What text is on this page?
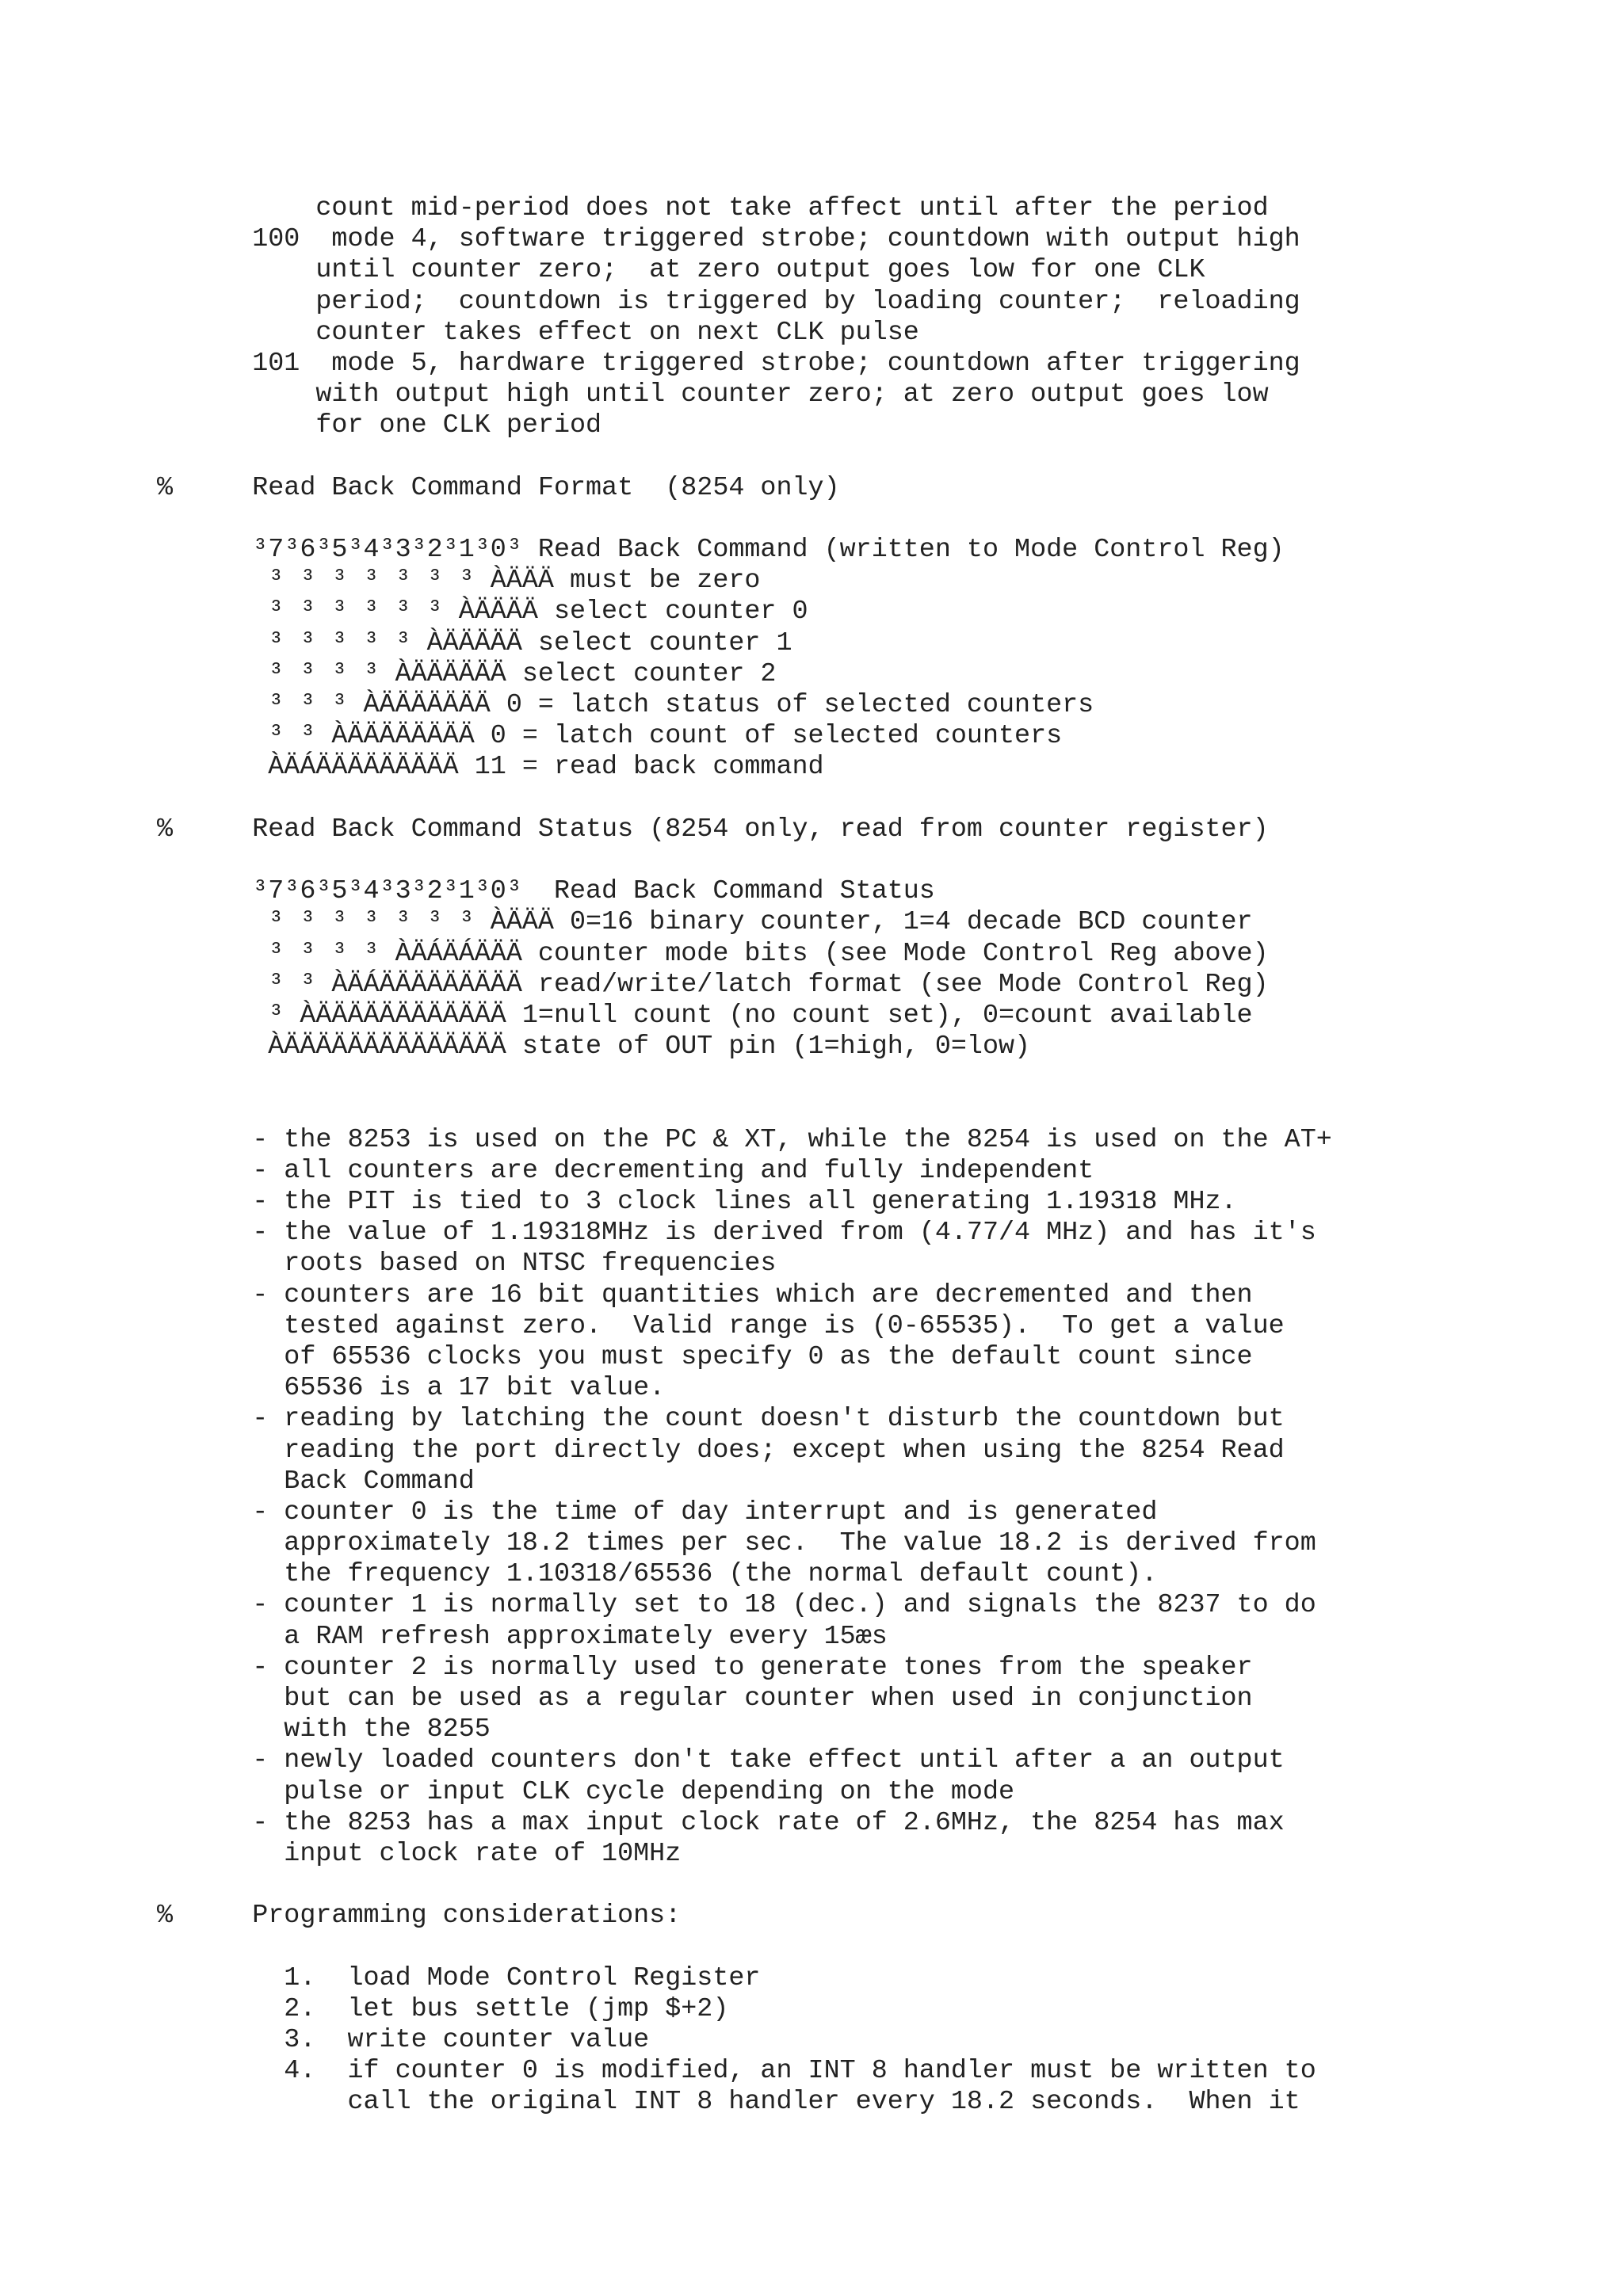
count mid-period does not take affect until after the period
100  mode 4, software triggered strobe; countdown with output high
until counter zero;  at zero output goes low for one CLK
period;  countdown is triggered by loading counter;  reloading
counter takes effect on next CLK pulse
101  mode 5, hardware triggered strobe; countdown after triggering
with output high until counter zero; at zero output goes low
for one CLK period
%     Read Back Command Format  (8254 only)
³7³6³5³4³3³2³1³0³ Read Back Command (written to Mode Control Reg)
³ ³ ³ ³ ³ ³ ³ ÀÄÄÄ must be zero
³ ³ ³ ³ ³ ³ ÀÄÄÄÄ select counter 0
³ ³ ³ ³ ³ ÀÄÄÄÄÄ select counter 1
³ ³ ³ ³ ÀÄÄÄÄÄÄ select counter 2
³ ³ ³ ÀÄÄÄÄÄÄÄ 0 = latch status of selected counters
³ ³ ÀÄÄÄÄÄÄÄÄ 0 = latch count of selected counters
ÀÄÁÄÄÄÄÄÄÄÄÄ 11 = read back command
%     Read Back Command Status (8254 only, read from counter register)
³7³6³5³4³3³2³1³0³  Read Back Command Status
³ ³ ³ ³ ³ ³ ³ ÀÄÄÄ 0=16 binary counter, 1=4 decade BCD counter
³ ³ ³ ³ ÀÄÁÄÁÄÄÄ counter mode bits (see Mode Control Reg above)
³ ³ ÀÄÁÄÄÄÄÄÄÄÄÄ read/write/latch format (see Mode Control Reg)
³ ÀÄÄÄÄÄÄÄÄÄÄÄÄ 1=null count (no count set), 0=count available
ÀÄÄÄÄÄÄÄÄÄÄÄÄÄÄ state of OUT pin (1=high, 0=low)
- the 8253 is used on the PC & XT, while the 8254 is used on the AT+
- all counters are decrementing and fully independent
- the PIT is tied to 3 clock lines all generating 1.19318 MHz.
- the value of 1.19318MHz is derived from (4.77/4 MHz) and has it's
roots based on NTSC frequencies
- counters are 16 bit quantities which are decremented and then
tested against zero.  Valid range is (0-65535).  To get a value
of 65536 clocks you must specify 0 as the default count since
65536 is a 17 bit value.
- reading by latching the count doesn't disturb the countdown but
reading the port directly does; except when using the 8254 Read
Back Command
- counter 0 is the time of day interrupt and is generated
approximately 18.2 times per sec.  The value 18.2 is derived from
the frequency 1.10318/65536 (the normal default count).
- counter 1 is normally set to 18 (dec.) and signals the 8237 to do
a RAM refresh approximately every 15æs
- counter 2 is normally used to generate tones from the speaker
but can be used as a regular counter when used in conjunction
with the 8255
- newly loaded counters don't take effect until after a an output
pulse or input CLK cycle depending on the mode
- the 8253 has a max input clock rate of 2.6MHz, the 8254 has max
input clock rate of 10MHz
%     Programming considerations:
1.  load Mode Control Register
2.  let bus settle (jmp $+2)
3.  write counter value
4.  if counter 0 is modified, an INT 8 handler must be written to
call the original INT 8 handler every 18.2 seconds.  When it
